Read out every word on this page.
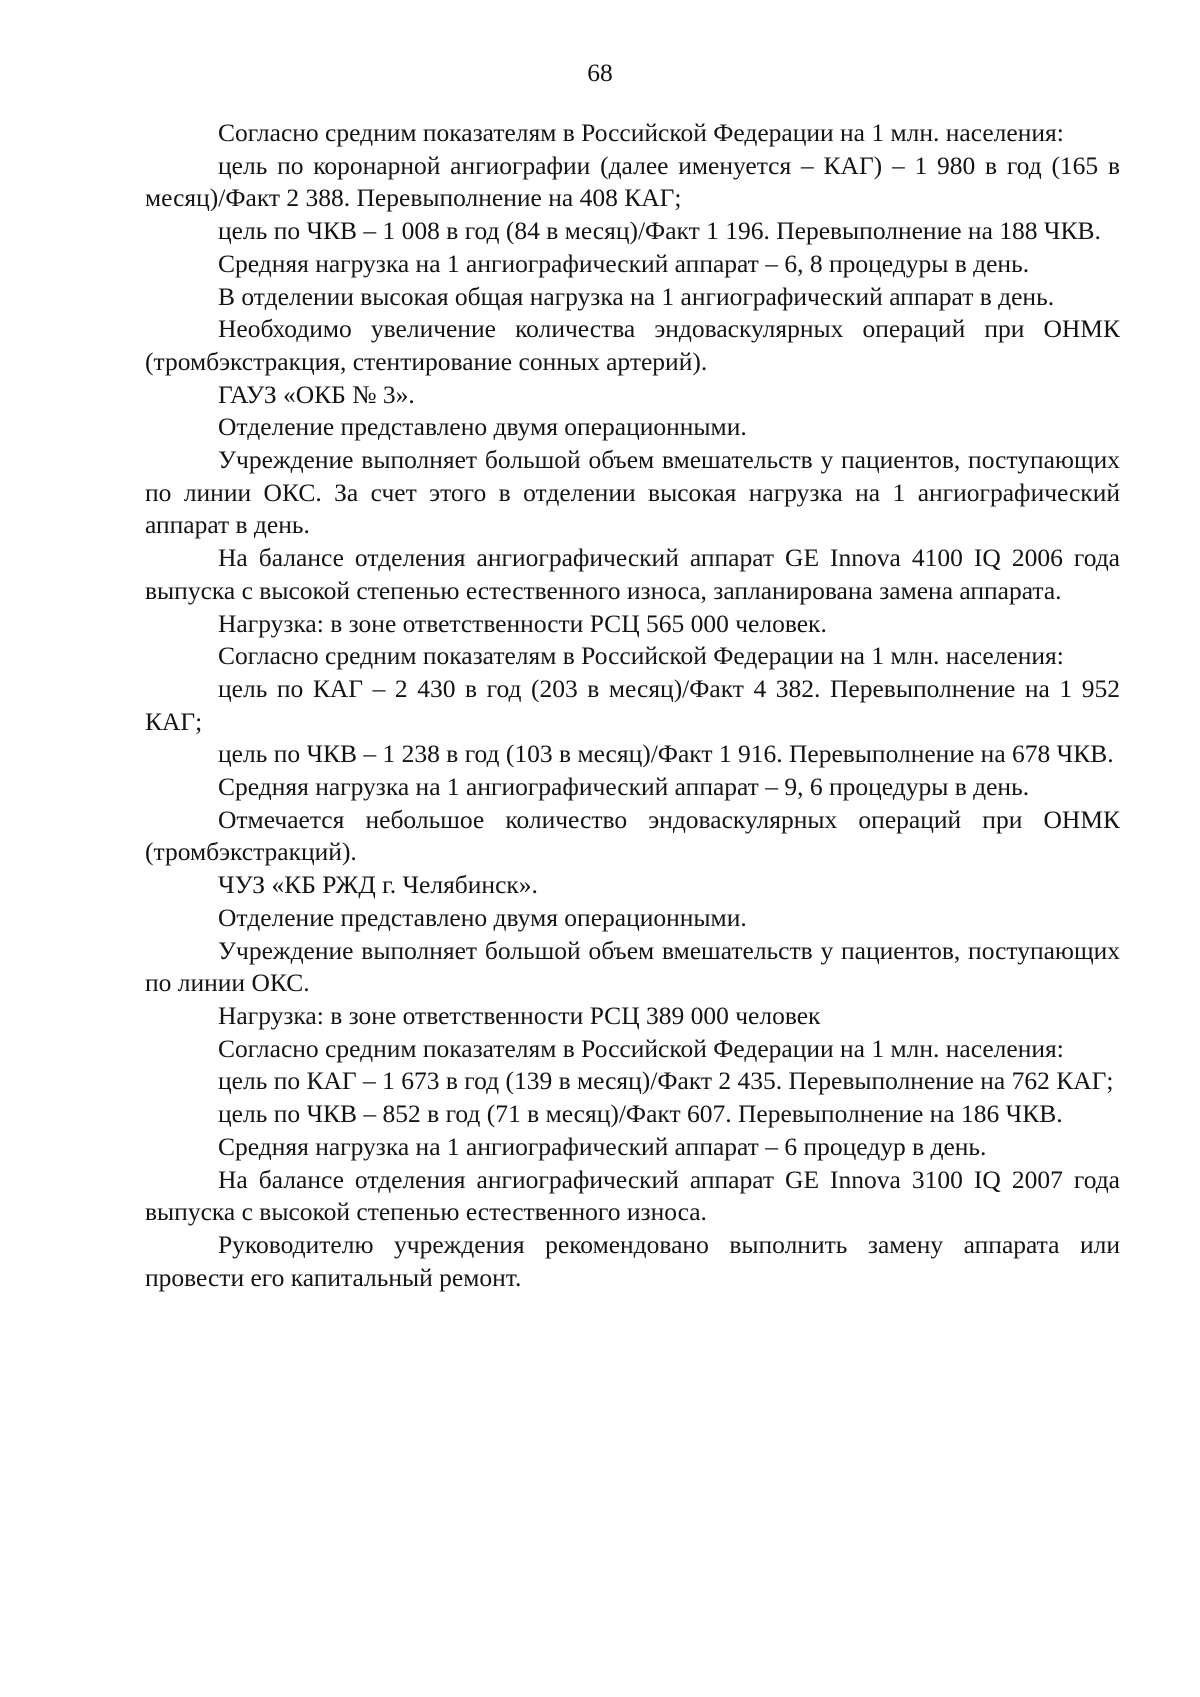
68

Согласно средним показателям в Российской Федерации на 1 млн. населения:

цель по коронарной ангиографии (далее именуется – КАГ) – 1 980 в год (165 в месяц)/Факт 2 388. Перевыполнение на 408 КАГ;

цель по ЧКВ – 1 008 в год (84 в месяц)/Факт 1 196. Перевыполнение на 188 ЧКВ.

Средняя нагрузка на 1 ангиографический аппарат – 6, 8 процедуры в день.

В отделении высокая общая нагрузка на 1 ангиографический аппарат в день.

Необходимо увеличение количества эндоваскулярных операций при ОНМК (тромбэкстракция, стентирование сонных артерий).

ГАУЗ «ОКБ № 3».

Отделение представлено двумя операционными.

Учреждение выполняет большой объем вмешательств у пациентов, поступающих по линии ОКС. За счет этого в отделении высокая нагрузка на 1 ангиографический аппарат в день.

На балансе отделения ангиографический аппарат GE Innova 4100 IQ 2006 года выпуска с высокой степенью естественного износа, запланирована замена аппарата.

Нагрузка: в зоне ответственности РСЦ 565 000 человек.

Согласно средним показателям в Российской Федерации на 1 млн. населения:

цель по КАГ – 2 430 в год (203 в месяц)/Факт 4 382. Перевыполнение на 1 952 КАГ;

цель по ЧКВ – 1 238 в год (103 в месяц)/Факт 1 916. Перевыполнение на 678 ЧКВ.

Средняя нагрузка на 1 ангиографический аппарат – 9, 6 процедуры в день.

Отмечается небольшое количество эндоваскулярных операций при ОНМК (тромбэкстракций).

ЧУЗ «КБ РЖД г. Челябинск».

Отделение представлено двумя операционными.

Учреждение выполняет большой объем вмешательств у пациентов, поступающих по линии ОКС.

Нагрузка: в зоне ответственности РСЦ 389 000 человек

Согласно средним показателям в Российской Федерации на 1 млн. населения:

цель по КАГ – 1 673 в год (139 в месяц)/Факт 2 435. Перевыполнение на 762 КАГ;

цель по ЧКВ – 852 в год (71 в месяц)/Факт 607. Перевыполнение на 186 ЧКВ.

Средняя нагрузка на 1 ангиографический аппарат – 6 процедур в день.

На балансе отделения ангиографический аппарат GE Innova 3100 IQ 2007 года выпуска с высокой степенью естественного износа.

Руководителю учреждения рекомендовано выполнить замену аппарата или провести его капитальный ремонт.
